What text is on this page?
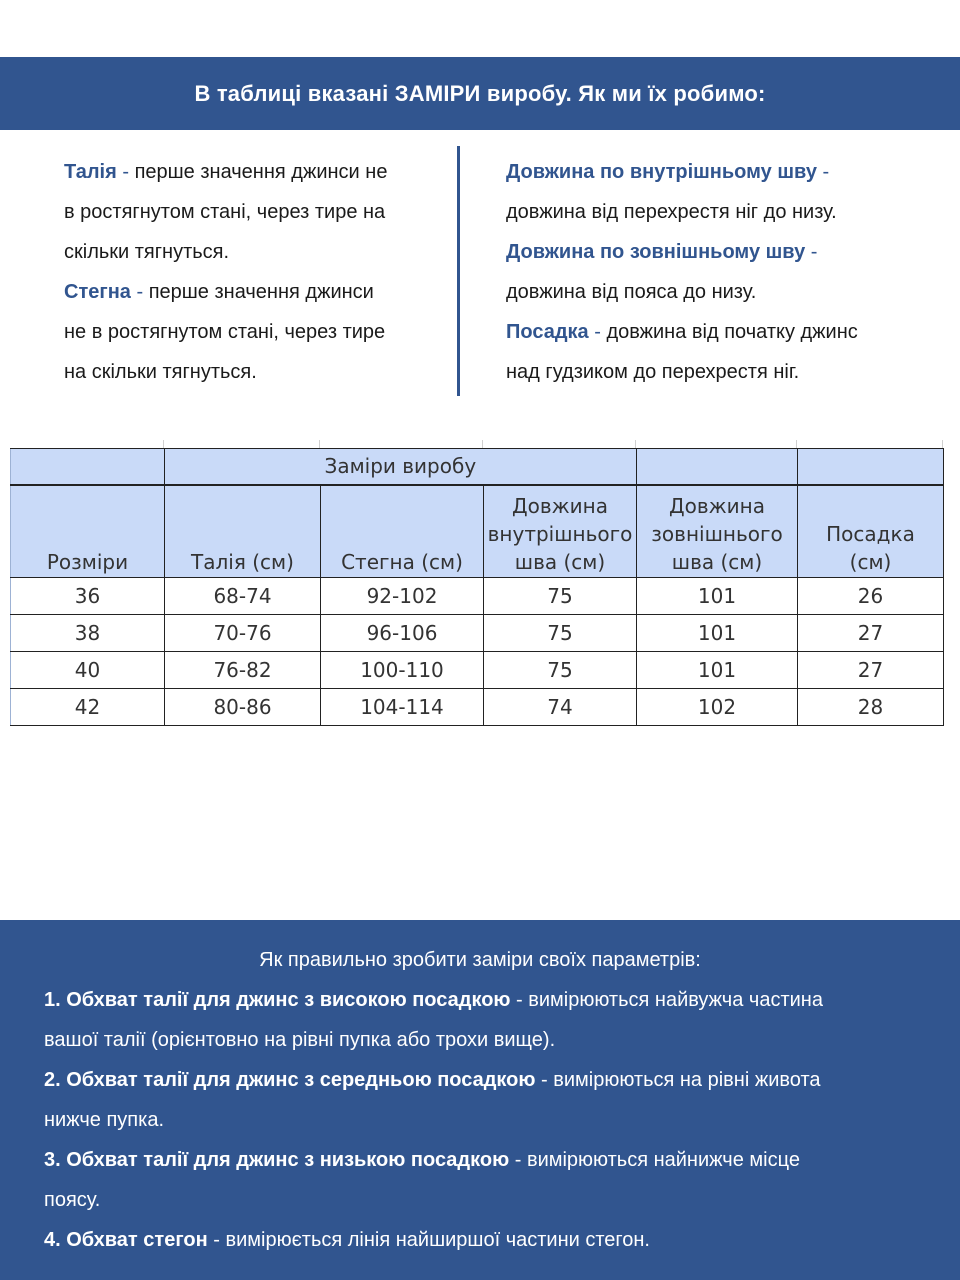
В таблиці вказані ЗАМІРИ виробу. Як ми їх робимо:
Талія - перше значення джинси не
в ростягнутом стані, через тире на
скільки тягнуться.
Стегна - перше значення джинси
не в ростягнутом стані, через тире
на скільки тягнуться.
Довжина по внутрішньому шву -
довжина від перехрестя ніг до низу.
Довжина по зовнішньому шву -
довжина від пояса до низу.
Посадка - довжина від початку джинс
над гудзиком до перехрестя ніг.
		Заміри виробу			
Розміри	Талія (см)	Стегна (см)	Довжина
внутрішнього
шва (см)	Довжина
зовнішнього
шва (см)	Посадка
(см)
36	68-74	92-102	75	101	26
38	70-76	96-106	75	101	27
40	76-82	100-110	75	101	27
42	80-86	104-114	74	102	28
Як правильно зробити заміри своїх параметрів:
1. Обхват талії для джинс з високою посадкою - вимірюються найвужча частина
вашої талії (орієнтовно на рівні пупка або трохи вище).
2. Обхват талії для джинс з середньою посадкою - вимірюються на рівні живота
нижче пупка.
3. Обхват талії для джинс з низькою посадкою - вимірюються найнижче місце
поясу.
4. Обхват стегон - вимірюється лінія найширшої частини стегон.
